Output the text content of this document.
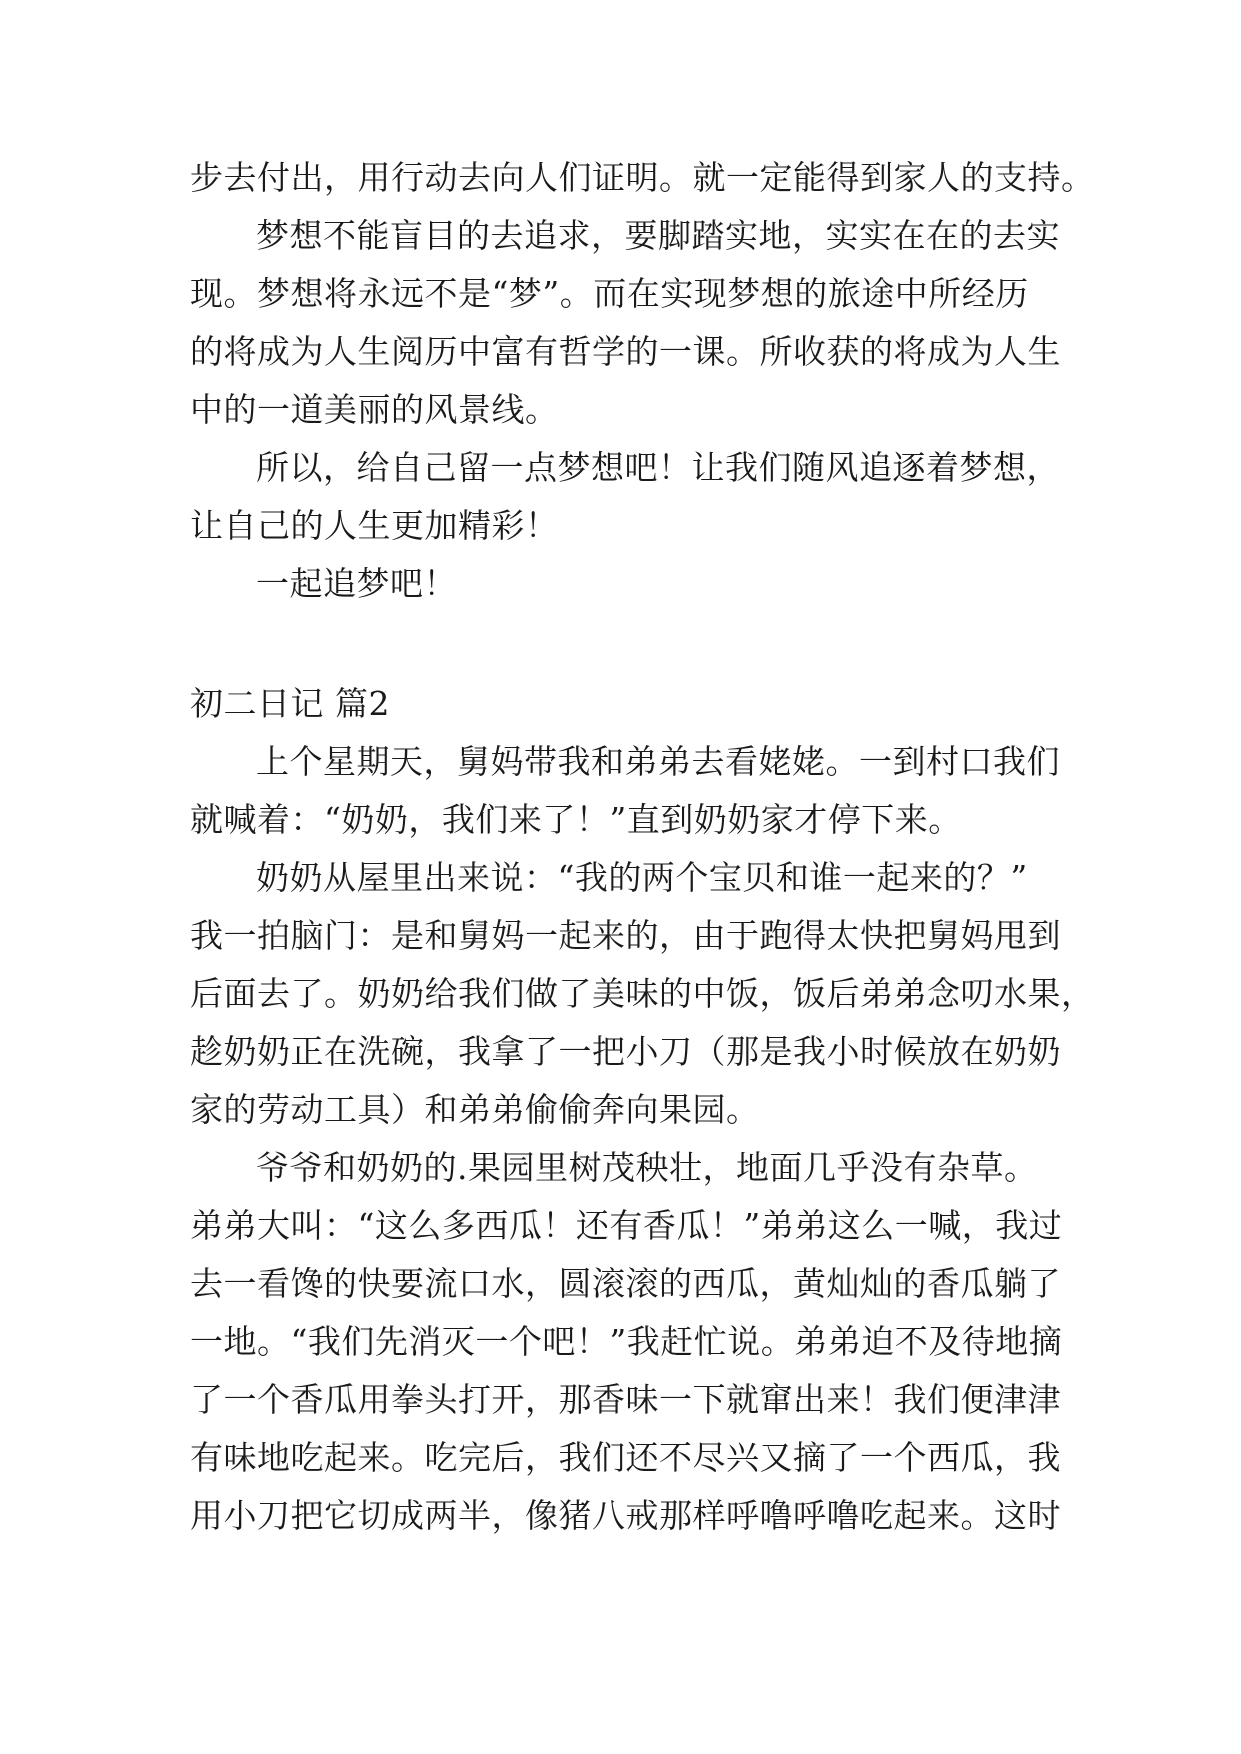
步去付出，用行动去向人们证明。就一定能得到家人的支持。
梦想不能盲目的去追求，要脚踏实地，实实在在的去实
现。梦想将永远不是“梦”。而在实现梦想的旅途中所经历
的将成为人生阅历中富有哲学的一课。所收获的将成为人生
中的一道美丽的风景线。
所以，给自己留一点梦想吧！让我们随风追逐着梦想，
让自己的人生更加精彩！
一起追梦吧！
初二日记 篇2
上个星期天，舅妈带我和弟弟去看姥姥。一到村口我们
就喊着：“奶奶，我们来了！”直到奶奶家才停下来。
奶奶从屋里出来说：“我的两个宝贝和谁一起来的？”
我一拍脑门：是和舅妈一起来的，由于跑得太快把舅妈甩到
后面去了。奶奶给我们做了美味的中饭，饭后弟弟念叨水果，
趁奶奶正在洗碗，我拿了一把小刀（那是我小时候放在奶奶
家的劳动工具）和弟弟偷偷奔向果园。
爷爷和奶奶的.果园里树茂秧壮，地面几乎没有杂草。
弟弟大叫：“这么多西瓜！还有香瓜！”弟弟这么一喊，我过
去一看馋的快要流口水，圆滚滚的西瓜，黄灿灿的香瓜躺了
一地。“我们先消灭一个吧！”我赶忙说。弟弟迫不及待地摘
了一个香瓜用拳头打开，那香味一下就窜出来！我们便津津
有味地吃起来。吃完后，我们还不尽兴又摘了一个西瓜，我
用小刀把它切成两半，像猪八戒那样呼噜呼噜吃起来。这时
